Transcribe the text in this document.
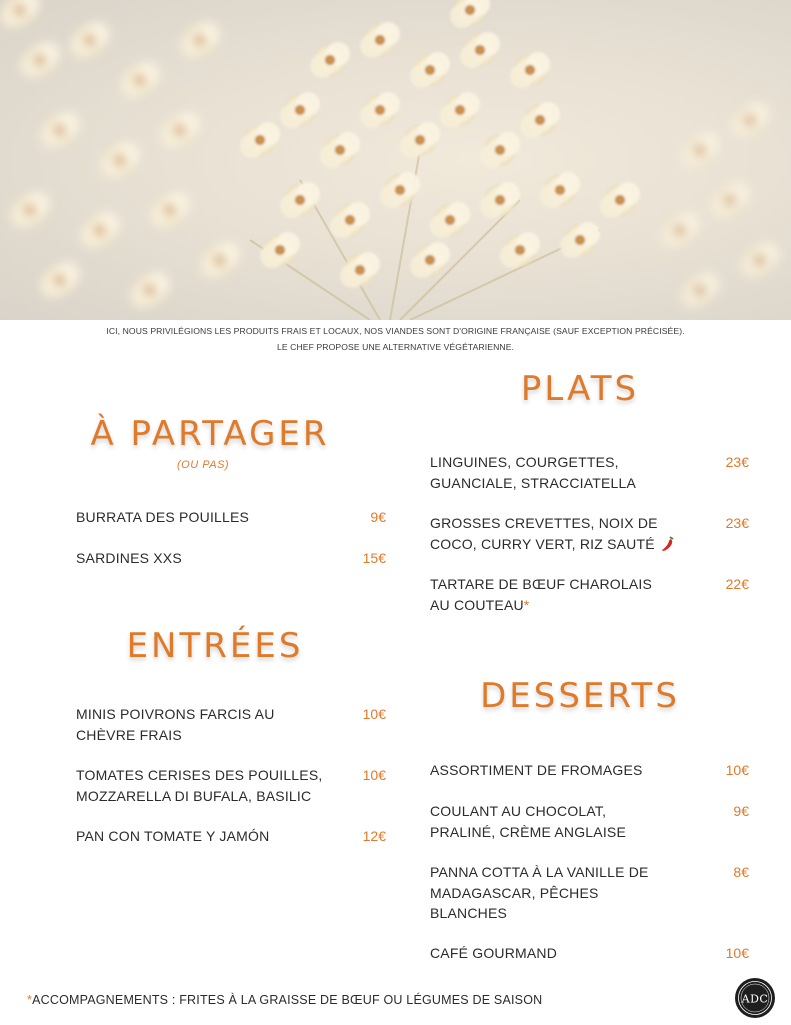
ICI, NOUS PRIVILÉGIONS LES PRODUITS FRAIS ET LOCAUX, NOS VIANDES SONT D'ORIGINE FRANÇAISE (SAUF EXCEPTION PRÉCISÉE).
LE CHEF PROPOSE UNE ALTERNATIVE VÉGÉTARIENNE.
À PARTAGER
(OU PAS)
BURRATA DES POUILLES	9€
SARDINES XXS	15€
ENTRÉES
MINIS POIVRONS FARCIS AU
CHÈVRE FRAIS
10€
TOMATES CERISES DES POUILLES,
MOZZARELLA DI BUFALA, BASILIC
10€
PAN CON TOMATE Y JAMÓN	12€
PLATS
LINGUINES, COURGETTES,
GUANCIALE, STRACCIATELLA
23€
GROSSES CREVETTES, NOIX DE
COCO, CURRY VERT, RIZ SAUTÉ
23€
TARTARE DE BŒUF CHAROLAIS
AU COUTEAU*
22€
DESSERTS
ASSORTIMENT DE FROMAGES	10€
COULANT AU CHOCOLAT,
PRALINÉ, CRÈME ANGLAISE
9€
PANNA COTTA À LA VANILLE DE
MADAGASCAR, PÊCHES
BLANCHES
8€
CAFÉ GOURMAND	10€
*ACCOMPAGNEMENTS : FRITES À LA GRAISSE DE BŒUF OU LÉGUMES DE SAISON	ADC
